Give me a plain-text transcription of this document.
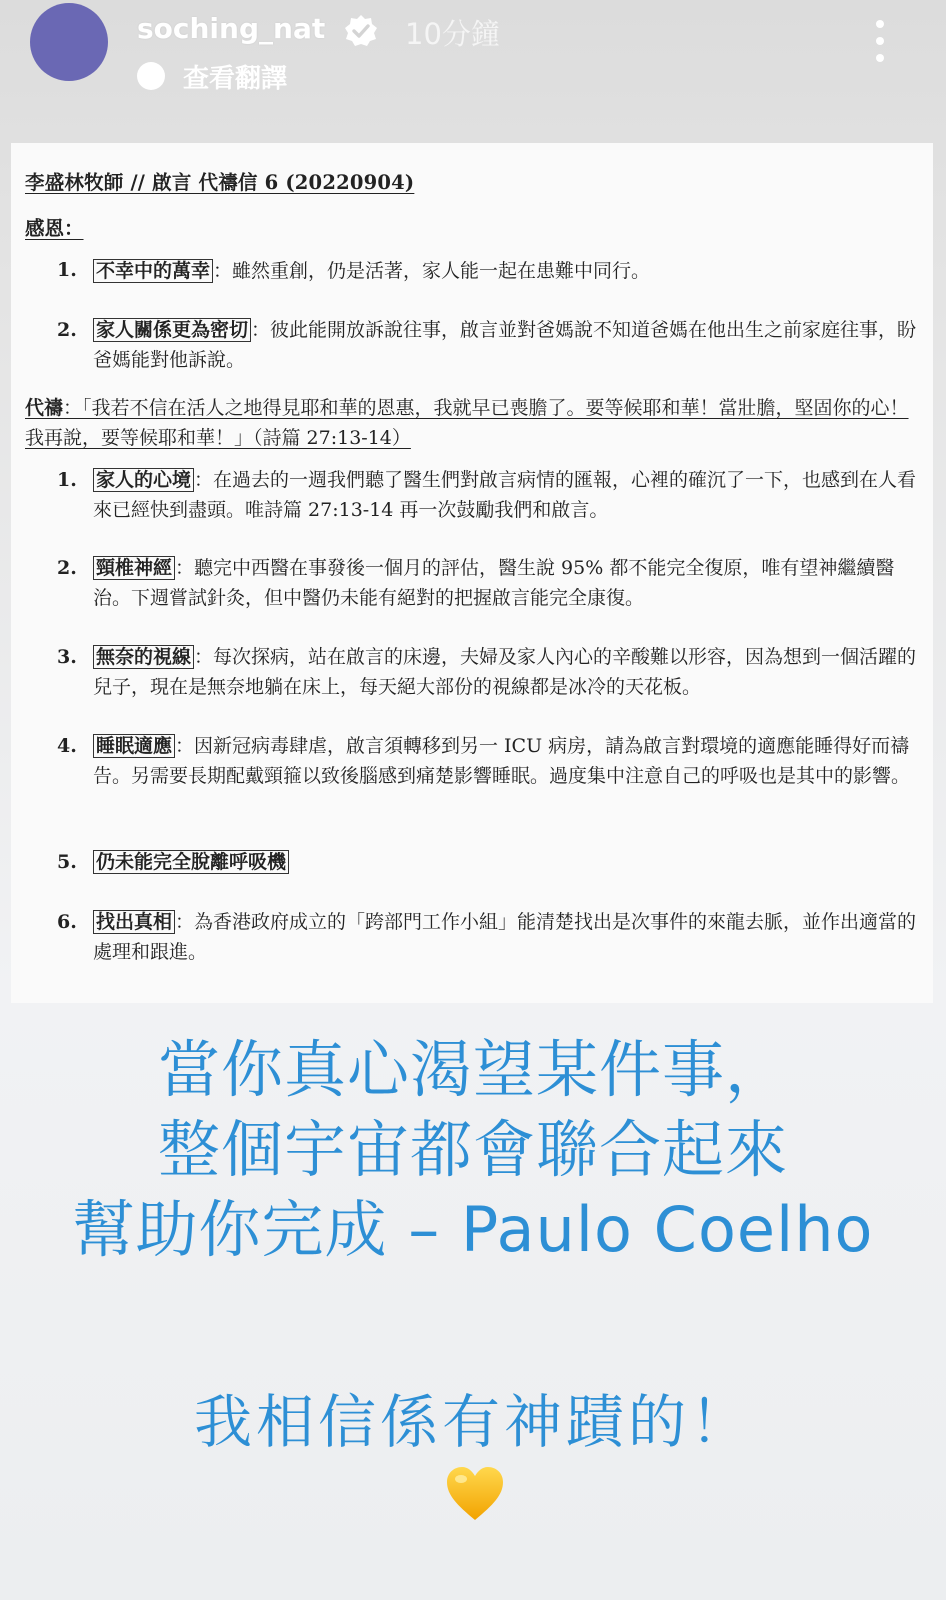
soching_nat	10分鐘
查看翻譯
李盛林牧師 // 啟言 代禱信 6 (20220904)
感恩：
1. 不幸中的萬幸 ：雖然重創，仍是活著，家人能一起在患難中同行。
2. 家人關係更為密切 ：彼此能開放訴說往事，啟言並對爸媽說不知道爸媽在他出生之前家庭往事，盼爸媽能對他訴說。
代禱：「我若不信在活人之地得見耶和華的恩惠，我就早已喪膽了。要等候耶和華！當壯膽，堅固你的心！我再說，要等候耶和華！」（詩篇 27:13-14）
1. 家人的心境 ：在過去的一週我們聽了醫生們對啟言病情的匯報，心裡的確沉了一下，也感到在人看來已經快到盡頭。唯詩篇 27:13-14 再一次鼓勵我們和啟言。
2. 頸椎神經 ：聽完中西醫在事發後一個月的評估，醫生說 95% 都不能完全復原，唯有望神繼續醫治。下週嘗試針灸，但中醫仍未能有絕對的把握啟言能完全康復。
3. 無奈的視線 ：每次探病，站在啟言的床邊，夫婦及家人內心的辛酸難以形容，因為想到一個活躍的兒子，現在是無奈地躺在床上，每天絕大部份的視線都是冰冷的天花板。
4. 睡眠適應 ：因新冠病毒肆虐，啟言須轉移到另一 ICU 病房，請為啟言對環境的適應能睡得好而禱告。另需要長期配戴頸箍以致後腦感到痛楚影響睡眠。過度集中注意自己的呼吸也是其中的影響。
5. 仍未能完全脫離呼吸機
6. 找出真相 ：為香港政府成立的「跨部門工作小組」能清楚找出是次事件的來龍去脈，並作出適當的處理和跟進。
當你真心渴望某件事，
整個宇宙都會聯合起來
幫助你完成 – Paulo Coelho
我相信係有神蹟的！
